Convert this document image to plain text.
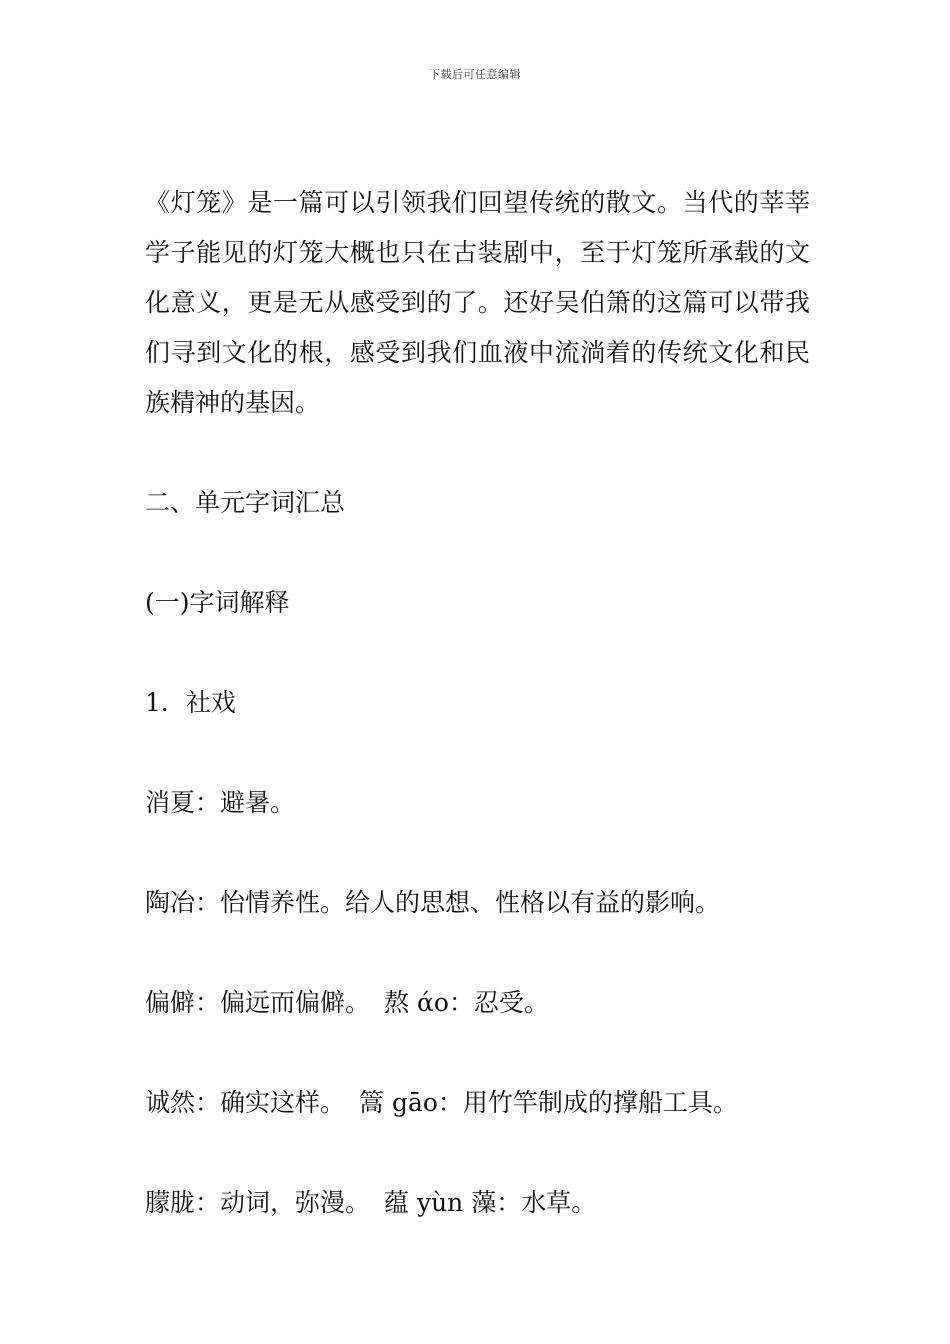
下载后可任意编辑

《灯笼》是一篇可以引领我们回望传统的散文。当代的莘莘学子能见的灯笼大概也只在古装剧中，至于灯笼所承载的文化意义，更是无从感受到的了。还好吴伯箫的这篇可以带我们寻到文化的根，感受到我们血液中流淌着的传统文化和民族精神的基因。

二、单元字词汇总

(一)字词解释

1．社戏

消夏：避暑。

陶冶：怡情养性。给人的思想、性格以有益的影响。

偏僻：偏远而偏僻。 熬 άo：忍受。

诚然：确实这样。 篙 gāo：用竹竿制成的撑船工具。

朦胧：动词，弥漫。 蕴 yùn 藻：水草。
